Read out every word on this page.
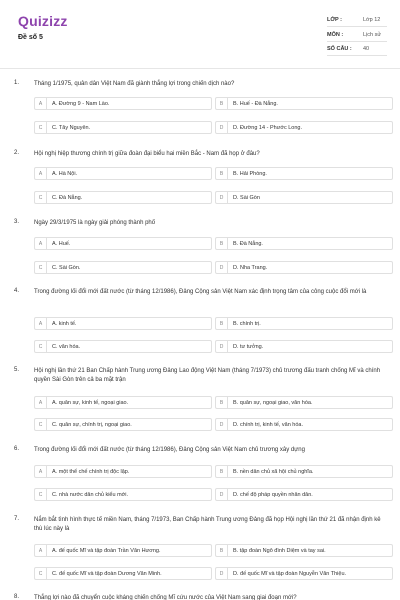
Quizizz
Đề số 5
LỚP :	Lớp 12
MÔN :	Lịch sử
SỐ CÂU : 40
1. Tháng 1/1975, quân dân Việt Nam đã giành thắng lợi trong chiến dịch nào?
A	A. Đường 9 - Nam Lào.	B	B. Huế - Đà Nẵng.
C	C. Tây Nguyên.	D	D. Đường 14 - Phước Long.
2. Hội nghị hiệp thương chính trị giữa đoàn đại biểu hai miền Bắc - Nam đã họp ở đâu?
A	A. Hà Nội.	B	B. Hải Phòng.
C	C. Đà Nẵng.	D	D. Sài Gòn
3. Ngày 29/3/1975 là ngày giải phóng thành phố
A	A. Huế.	B	B. Đà Nẵng.
C	C. Sài Gòn.	D	D. Nha Trang.
4. Trong đường lối đổi mới đất nước (từ tháng 12/1986), Đảng Cộng sản Việt Nam xác định trọng tâm của công cuộc đổi mới là
A	A. kinh tế.	B	B. chính trị.
C	C. văn hóa.	D	D. tư tưởng.
5. Hội nghị lần thứ 21 Ban Chấp hành Trung ương Đảng Lao động Việt Nam (tháng 7/1973) chủ trương đấu tranh chống Mĩ và chính quyền Sài Gòn trên cả ba mặt trận
A	A. quân sự, kinh tế, ngoại giao.	B	B. quân sự, ngoại giao, văn hóa.
C	C. quân sự, chính trị, ngoại giao.	D	D. chính trị, kinh tế, văn hóa.
6. Trong đường lối đổi mới đất nước (từ tháng 12/1986), Đảng Cộng sản Việt Nam chủ trương xây dựng
A	A. một thể chế chính trị độc lập.	B	B. nền dân chủ xã hội chủ nghĩa.
C	C. nhà nước dân chủ kiểu mới.	D	D. chế độ pháp quyền nhân dân.
7. Nắm bắt tình hình thực tế miền Nam, tháng 7/1973, Ban Chấp hành Trung ương Đảng đã họp Hội nghị lần thứ 21 đã nhận định kẻ thù lúc này là
A	A. đế quốc Mĩ và tập đoàn Trần Văn Hương.	B	B. tập đoàn Ngô đình Diệm và tay sai.
C	C. đế quốc Mĩ và tập đoàn Dương Văn Minh.	D	D. đế quốc Mĩ và tập đoàn Nguyễn Văn Thiệu.
8. Thắng lợi nào đã chuyển cuộc kháng chiến chống Mĩ cứu nước của Việt Nam sang giai đoạn mới?
